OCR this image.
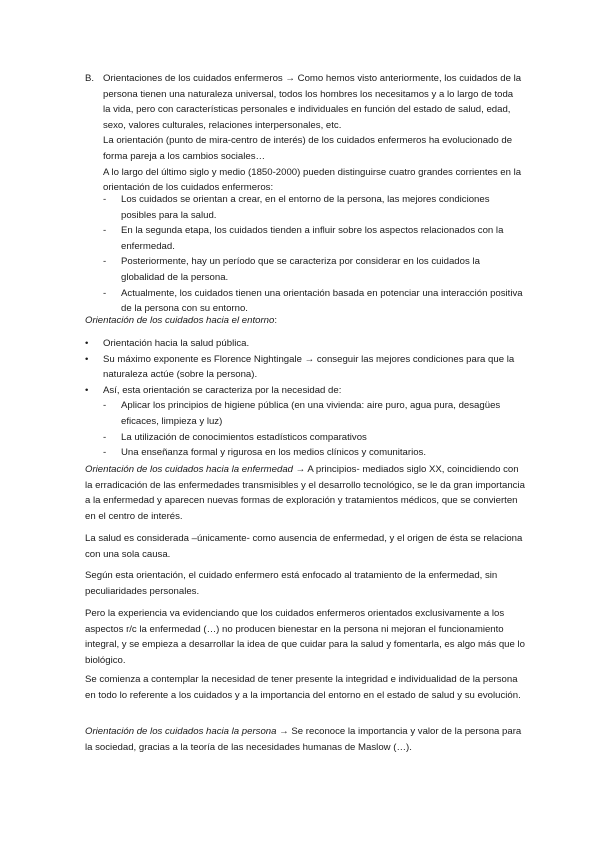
B. Orientaciones de los cuidados enfermeros → Como hemos visto anteriormente, los cuidados de la persona tienen una naturaleza universal, todos los hombres los necesitamos y a lo largo de toda la vida, pero con características personales e individuales en función del estado de salud, edad, sexo, valores culturales, relaciones interpersonales, etc.
La orientación (punto de mira-centro de interés) de los cuidados enfermeros ha evolucionado de forma pareja a los cambios sociales…
A lo largo del último siglo y medio (1850-2000) pueden distinguirse cuatro grandes corrientes en la orientación de los cuidados enfermeros:
- Los cuidados se orientan a crear, en el entorno de la persona, las mejores condiciones posibles para la salud.
- En la segunda etapa, los cuidados tienden a influir sobre los aspectos relacionados con la enfermedad.
- Posteriormente, hay un período que se caracteriza por considerar en los cuidados la globalidad de la persona.
- Actualmente, los cuidados tienen una orientación basada en potenciar una interacción positiva de la persona con su entorno.
Orientación de los cuidados hacia el entorno:
• Orientación hacia la salud pública.
• Su máximo exponente es Florence Nightingale → conseguir las mejores condiciones para que la naturaleza actúe (sobre la persona).
• Así, esta orientación se caracteriza por la necesidad de:
- Aplicar los principios de higiene pública (en una vivienda: aire puro, agua pura, desagües eficaces, limpieza y luz)
- La utilización de conocimientos estadísticos comparativos
- Una enseñanza formal y rigurosa en los medios clínicos y comunitarios.
Orientación de los cuidados hacia la enfermedad → A principios- mediados siglo XX, coincidiendo con la erradicación de las enfermedades transmisibles y el desarrollo tecnológico, se le da gran importancia a la enfermedad y aparecen nuevas formas de exploración y tratamientos médicos, que se convierten en el centro de interés.
La salud es considerada –únicamente- como ausencia de enfermedad, y el origen de ésta se relaciona con una sola causa.
Según esta orientación, el cuidado enfermero está enfocado al tratamiento de la enfermedad, sin peculiaridades personales.
Pero la experiencia va evidenciando que los cuidados enfermeros orientados exclusivamente a los aspectos r/c la enfermedad (…) no producen bienestar en la persona ni mejoran el funcionamiento integral, y se empieza a desarrollar la idea de que cuidar para la salud y fomentarla, es algo más que lo biológico.
Se comienza a contemplar la necesidad de tener presente la integridad e individualidad de la persona en todo lo referente a los cuidados y a la importancia del entorno en el estado de salud y su evolución.
Orientación de los cuidados hacia la persona → Se reconoce la importancia y valor de la persona para la sociedad, gracias a la teoría de las necesidades humanas de Maslow (…).
